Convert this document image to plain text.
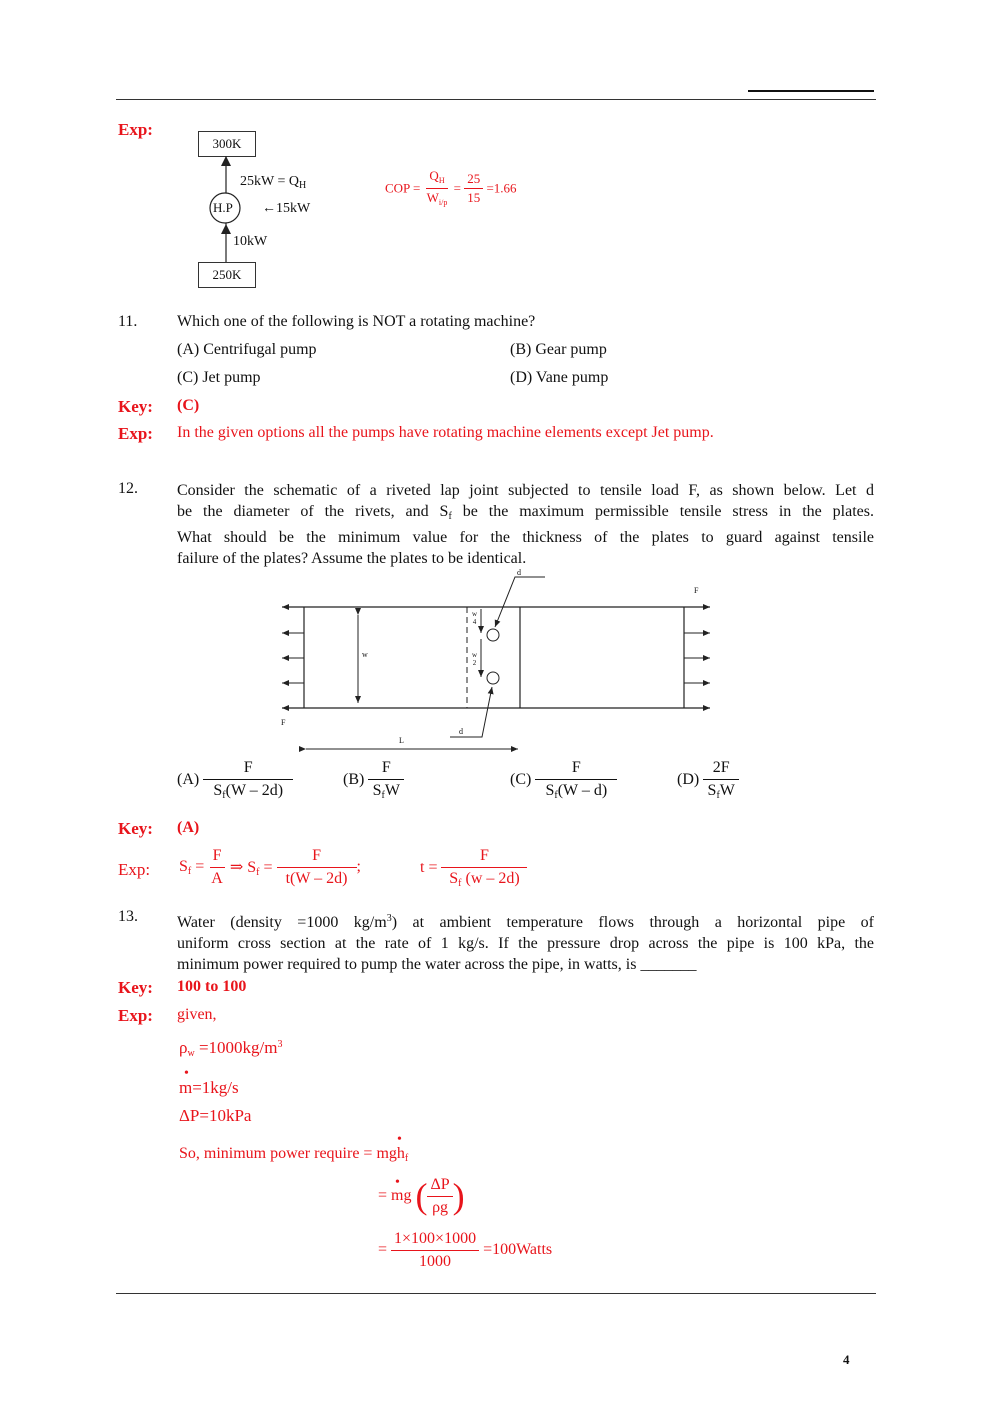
Exp:
300K
250K
H.P
$25kW = Q_H$
←15kW
10kW
COP = $\frac{Q_H}{W_{i/p}} = \frac{25}{15} =1.66$
11. Which one of the following is NOT a rotating machine?
(A) Centrifugal pump	(B) Gear pump
(C) Jet pump	(D) Vane pump
Key: (C)
Exp: In the given options all the pumps have rotating machine elements except Jet pump.
12. Consider the schematic of a riveted lap joint subjected to tensile load F, as shown below. Let d
be the diameter of the rivets, and $S_f$ be the maximum permissible tensile stress in the plates.
What should be the minimum value for the thickness of the plates to guard against tensile
failure of the plates? Assume the plates to be identical.
d
F
w
w
4
w
2
F
d
L
$(A) \frac{F}{S_f(W - 2d)}$	(B)
F
$S_fW$
$(C) \frac{F}{S_f(W - d)}$	(D)
2F
$S_fW$
Key: (A)
Exp: $S_f = \frac{F}{A}$ ⇒ $S_f = \frac{F}{t(W - 2d)}$ ;	$t = \frac{F}{S_f (w - 2d)}$
13. Water (density =1000 $kg/m^3$) at ambient temperature flows through a horizontal pipe of
uniform cross section at the rate of 1 kg/s. If the pressure drop across the pipe is 100 kPa, the
minimum power required to pump the water across the pipe, in watts, is _______
Key: 100 to 100
Exp: given,
$\rho_w =1000kg/m^3$
•
m=1kg/s
ΔP=10kPa
•
So, minimum power require = mgh$_f$
•
= mg ( $\frac{\Delta P}{\rho g}$ )
= $\frac{1\times 100\times 1000}{1000}$ =100Watts
4
